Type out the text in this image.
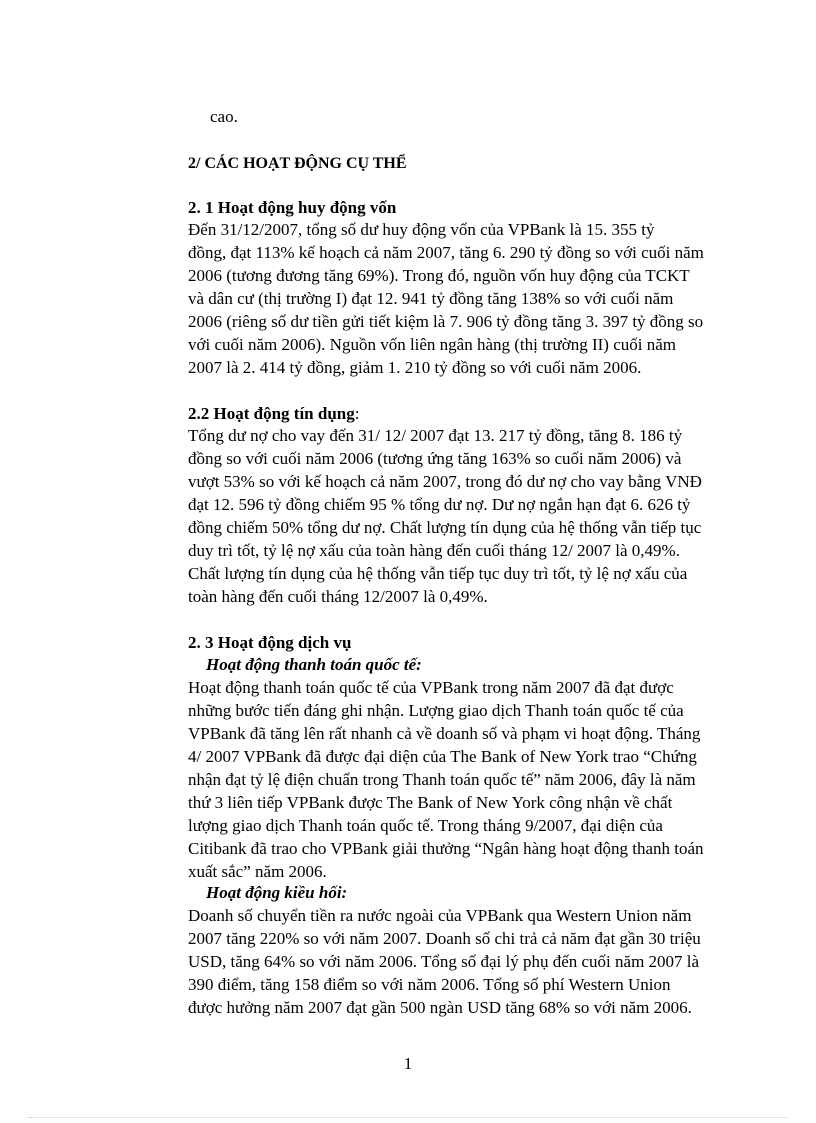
cao.
2/ CÁC HOẠT ĐỘNG CỤ THỂ
2. 1 Hoạt động huy động vốn
Đến 31/12/2007, tổng số dư huy động vốn của VPBank là 15. 355 tỷ
đồng, đạt 113% kế hoạch cả năm 2007, tăng 6. 290 tỷ đồng so với cuối năm
2006 (tương đương tăng 69%). Trong đó, nguồn vốn huy động của TCKT
và dân cư (thị trường I) đạt 12. 941 tỷ đồng tăng 138% so với cuối năm
2006 (riêng số dư tiền gửi tiết kiệm là 7. 906 tỷ đồng tăng 3. 397 tỷ đồng so
với cuối năm 2006). Nguồn vốn liên ngân hàng (thị trường II) cuối năm
2007 là 2. 414 tỷ đồng, giảm 1. 210 tỷ đồng so với cuối năm 2006.
2.2 Hoạt động tín dụng:
Tổng dư nợ cho vay đến 31/ 12/ 2007 đạt 13. 217 tỷ đồng, tăng 8. 186 tỷ
đồng so với cuối năm 2006 (tương ứng tăng 163% so cuối năm 2006) và
vượt 53% so với kế hoạch cả năm 2007, trong đó dư nợ cho vay bằng VNĐ
đạt 12. 596 tỷ đồng chiếm 95 % tổng dư nợ. Dư nợ ngắn hạn đạt 6. 626 tỷ
đồng chiếm 50% tổng dư nợ. Chất lượng tín dụng của hệ thống vẫn tiếp tục
duy trì tốt, tỷ lệ nợ xấu của toàn hàng đến cuối tháng 12/ 2007 là 0,49%.
Chất lượng tín dụng của hệ thống vẫn tiếp tục duy trì tốt, tỷ lệ nợ xấu của
toàn hàng đến cuối tháng 12/2007 là 0,49%.
2. 3 Hoạt động dịch vụ
Hoạt động thanh toán quốc tế:
Hoạt động thanh toán quốc tế của VPBank trong năm 2007 đã đạt được
những bước tiến đáng ghi nhận. Lượng giao dịch Thanh toán quốc tế của
VPBank đã tăng lên rất nhanh cả về doanh số và phạm vi hoạt động. Tháng
4/ 2007 VPBank đã được đại diện của The Bank of New York trao “Chứng
nhận đạt tỷ lệ điện chuẩn trong Thanh toán quốc tế” năm 2006, đây là năm
thứ 3 liên tiếp VPBank được The Bank of New York công nhận về chất
lượng giao dịch Thanh toán quốc tế. Trong tháng 9/2007, đại diện của
Citibank đã trao cho VPBank giải thưởng “Ngân hàng hoạt động thanh toán
xuất sắc” năm 2006.
Hoạt động kiều hối:
Doanh số chuyển tiền ra nước ngoài của VPBank qua Western Union năm
2007 tăng 220% so với năm 2007. Doanh số chi trả cả năm đạt gần 30 triệu
USD, tăng 64% so với năm 2006. Tổng số đại lý phụ đến cuối năm 2007 là
390 điểm, tăng 158 điểm so với năm 2006. Tổng số phí Western Union
được hưởng năm 2007 đạt gần 500 ngàn USD tăng 68% so với năm 2006.
1
